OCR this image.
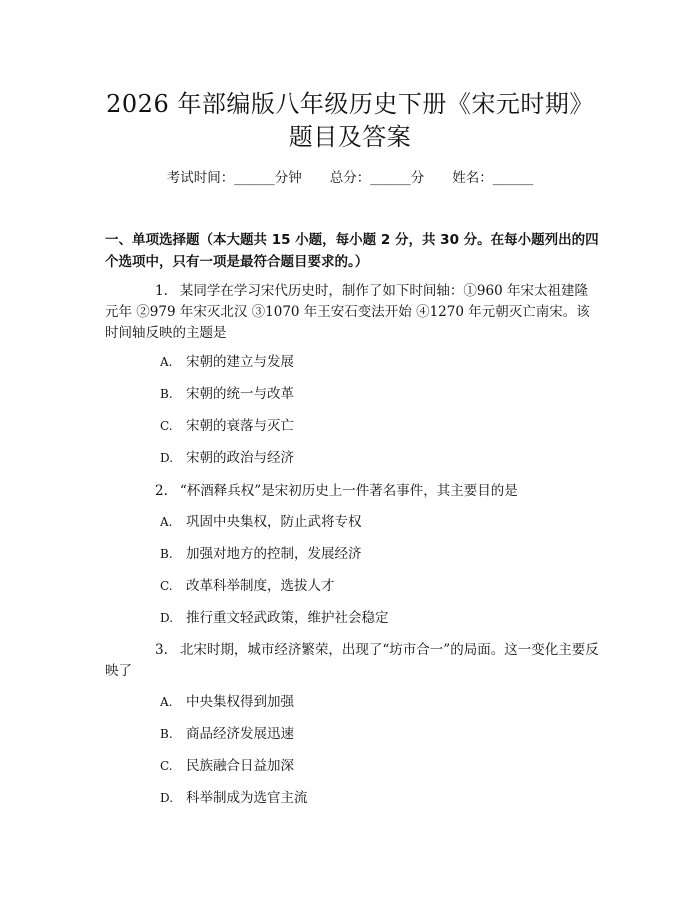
2026 年部编版八年级历史下册《宋元时期》
题目及答案
考试时间：______分钟 总分：______分 姓名：______
一、单项选择题（本大题共 15 小题，每小题 2 分，共 30 分。在每小题列出的四个选项中，只有一项是最符合题目要求的。）
1. 某同学在学习宋代历史时，制作了如下时间轴：①960 年宋太祖建隆元年 ②979 年宋灭北汉 ③1070 年王安石变法开始 ④1270 年元朝灭亡南宋。该时间轴反映的主题是
A. 宋朝的建立与发展
B. 宋朝的统一与改革
C. 宋朝的衰落与灭亡
D. 宋朝的政治与经济
2. “杯酒释兵权”是宋初历史上一件著名事件，其主要目的是
A. 巩固中央集权，防止武将专权
B. 加强对地方的控制，发展经济
C. 改革科举制度，选拔人才
D. 推行重文轻武政策，维护社会稳定
3. 北宋时期，城市经济繁荣，出现了“坊市合一”的局面。这一变化主要反映了
A. 中央集权得到加强
B. 商品经济发展迅速
C. 民族融合日益加深
D. 科举制成为选官主流
